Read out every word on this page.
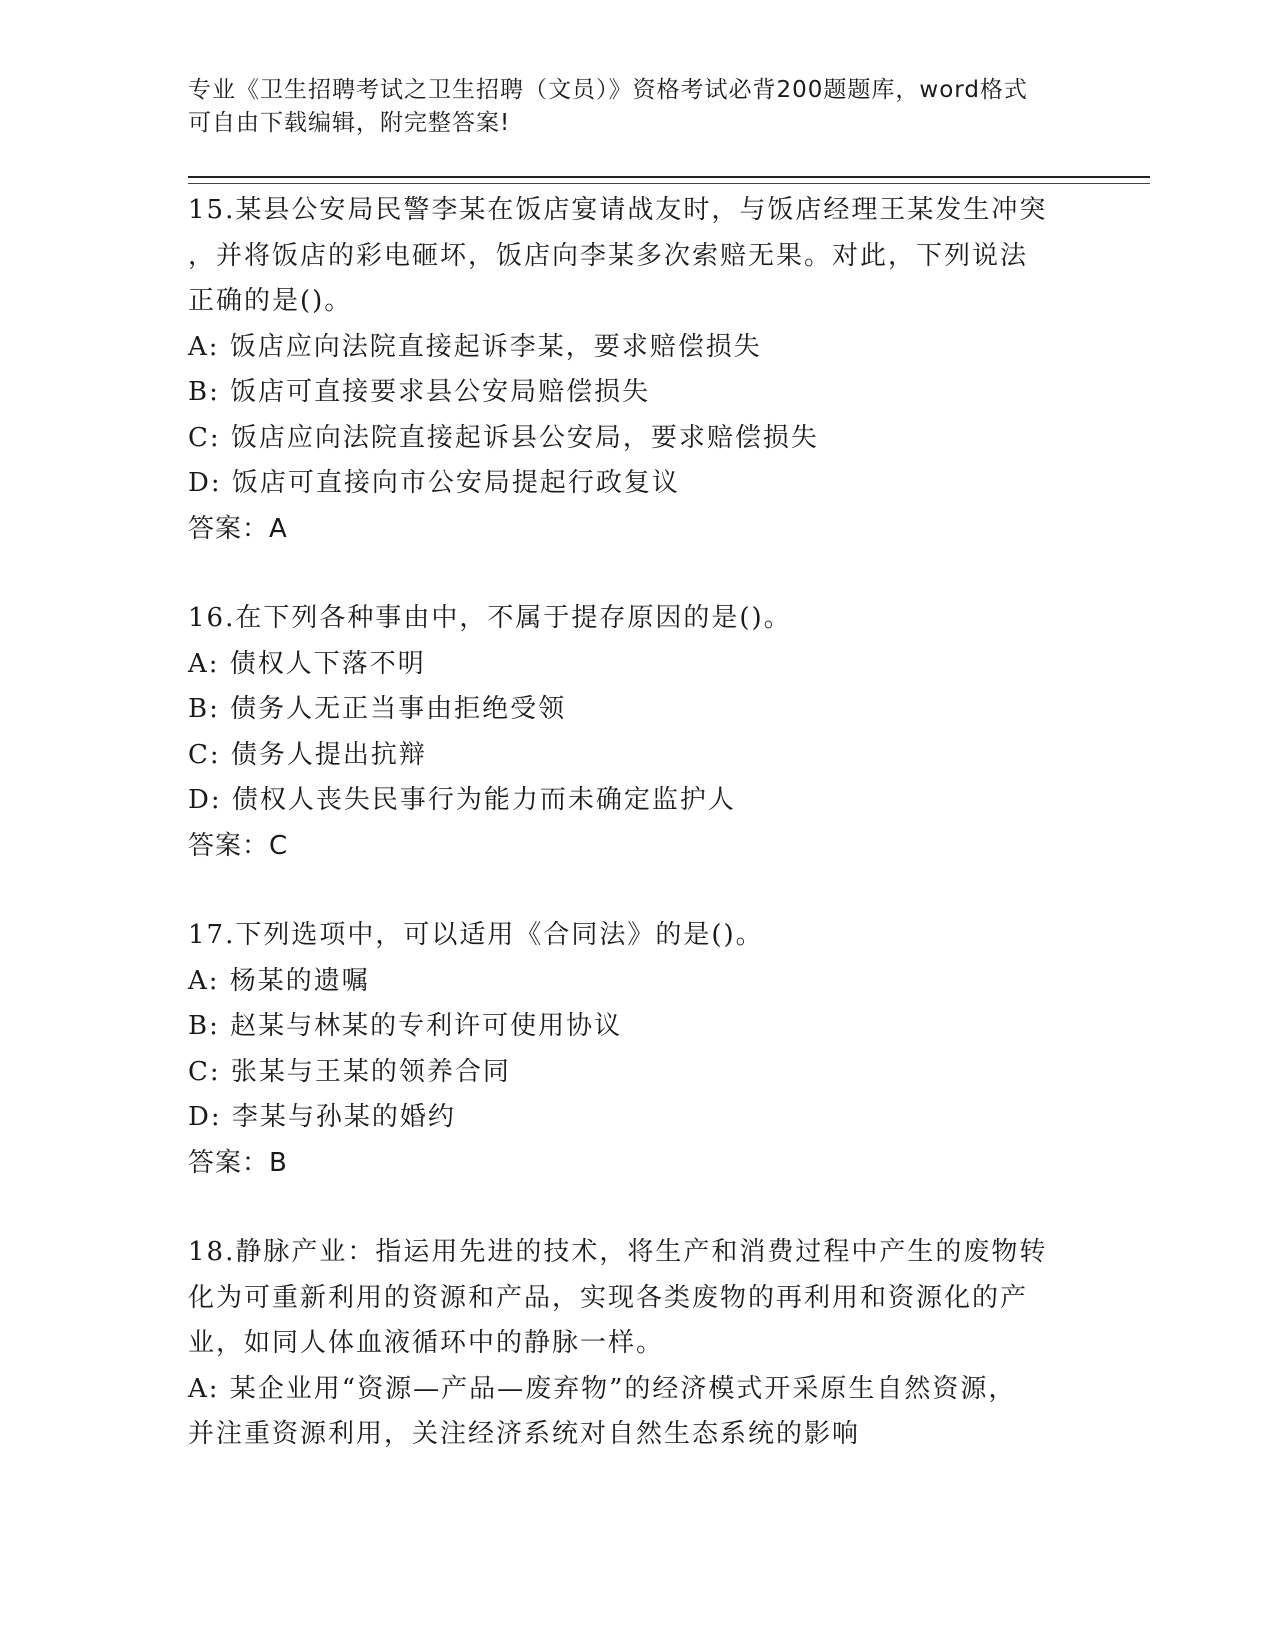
专业《卫生招聘考试之卫生招聘（文员）》资格考试必背200题题库，word格式
可自由下载编辑，附完整答案!

15.某县公安局民警李某在饭店宴请战友时，与饭店经理王某发生冲突

，并将饭店的彩电砸坏，饭店向李某多次索赔无果。对此，下列说法

正确的是()。

A: 饭店应向法院直接起诉李某，要求赔偿损失

B: 饭店可直接要求县公安局赔偿损失

C: 饭店应向法院直接起诉县公安局，要求赔偿损失

D: 饭店可直接向市公安局提起行政复议

答案：A

16.在下列各种事由中，不属于提存原因的是()。

A: 债权人下落不明

B: 债务人无正当事由拒绝受领

C: 债务人提出抗辩

D: 债权人丧失民事行为能力而未确定监护人

答案：C

17.下列选项中，可以适用《合同法》的是()。

A: 杨某的遗嘱

B: 赵某与林某的专利许可使用协议

C: 张某与王某的领养合同

D: 李某与孙某的婚约

答案：B

18.静脉产业：指运用先进的技术，将生产和消费过程中产生的废物转

化为可重新利用的资源和产品，实现各类废物的再利用和资源化的产

业，如同人体血液循环中的静脉一样。

A: 某企业用“资源—产品—废弃物”的经济模式开采原生自然资源，

并注重资源利用，关注经济系统对自然生态系统的影响
